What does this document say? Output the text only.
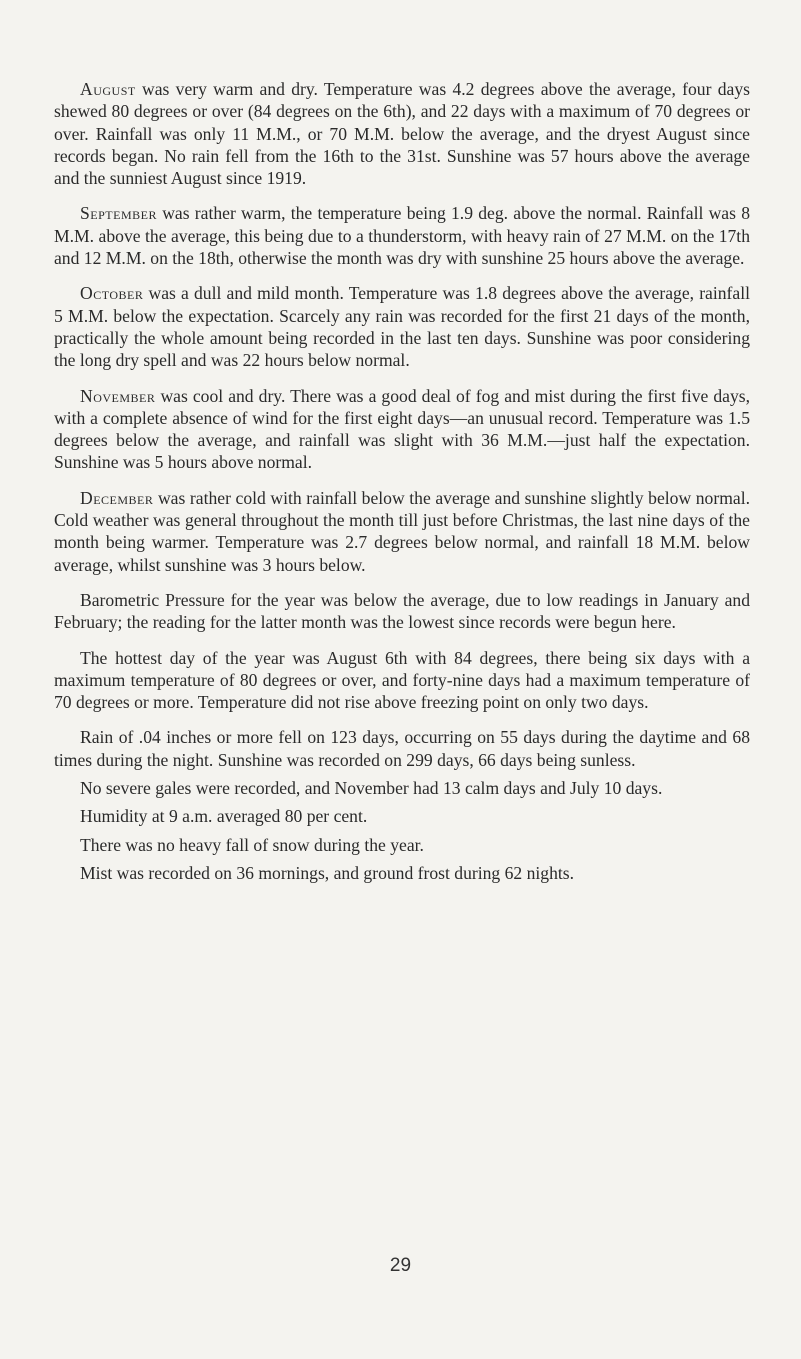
August was very warm and dry. Temperature was 4.2 degrees above the average, four days shewed 80 degrees or over (84 degrees on the 6th), and 22 days with a maximum of 70 degrees or over. Rainfall was only 11 M.M., or 70 M.M. below the average, and the dryest August since records began. No rain fell from the 16th to the 31st. Sunshine was 57 hours above the average and the sunniest August since 1919.

September was rather warm, the temperature being 1.9 deg. above the normal. Rainfall was 8 M.M. above the average, this being due to a thunderstorm, with heavy rain of 27 M.M. on the 17th and 12 M.M. on the 18th, otherwise the month was dry with sunshine 25 hours above the average.

October was a dull and mild month. Temperature was 1.8 degrees above the average, rainfall 5 M.M. below the expectation. Scarcely any rain was recorded for the first 21 days of the month, practically the whole amount being recorded in the last ten days. Sunshine was poor considering the long dry spell and was 22 hours below normal.

November was cool and dry. There was a good deal of fog and mist during the first five days, with a complete absence of wind for the first eight days—an unusual record. Temperature was 1.5 degrees below the average, and rainfall was slight with 36 M.M.—just half the expectation. Sunshine was 5 hours above normal.

December was rather cold with rainfall below the average and sunshine slightly below normal. Cold weather was general throughout the month till just before Christmas, the last nine days of the month being warmer. Temperature was 2.7 degrees below normal, and rainfall 18 M.M. below average, whilst sunshine was 3 hours below.

Barometric Pressure for the year was below the average, due to low readings in January and February; the reading for the latter month was the lowest since records were begun here.

The hottest day of the year was August 6th with 84 degrees, there being six days with a maximum temperature of 80 degrees or over, and forty-nine days had a maximum temperature of 70 degrees or more. Temperature did not rise above freezing point on only two days.

Rain of .04 inches or more fell on 123 days, occurring on 55 days during the daytime and 68 times during the night. Sunshine was recorded on 299 days, 66 days being sunless.

No severe gales were recorded, and November had 13 calm days and July 10 days.

Humidity at 9 a.m. averaged 80 per cent.

There was no heavy fall of snow during the year.

Mist was recorded on 36 mornings, and ground frost during 62 nights.

29
